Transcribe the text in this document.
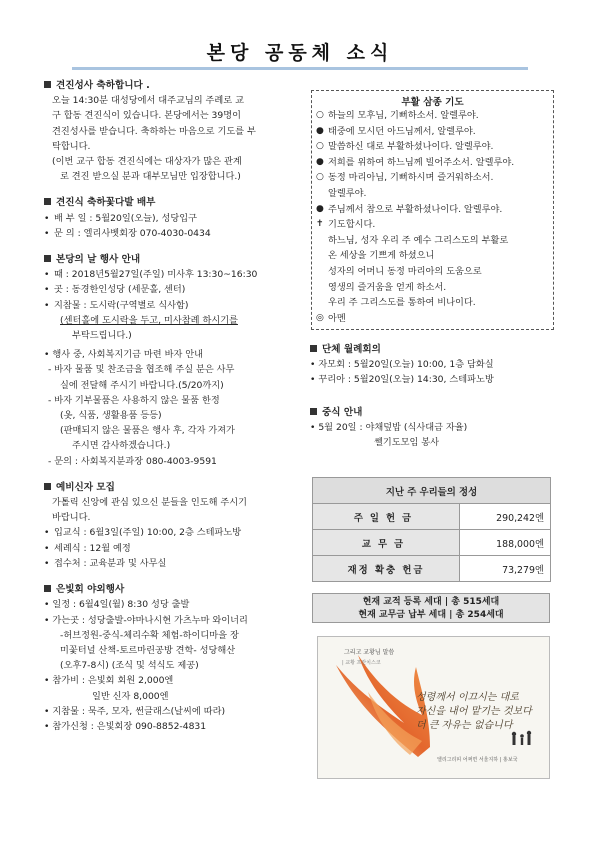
본당 공동체 소식
견진성사 축하합니다 .
오늘 14:30분 대성당에서 대주교님의 주례로 교
구 합동 견진식이 있습니다. 본당에서는 39명이
견진성사를 받습니다. 축하하는 마음으로 기도를 부
탁합니다.
(이번 교구 합동 견진식에는 대상자가 많은 관계
로 견진 받으실 분과 대부모님만 입장합니다.)
견진식 축하꽃다발 배부
• 배 부 일 : 5월20일(오늘), 성당입구
• 문 의 : 엘리사벳회장 070-4030-0434
본당의 날 행사 안내
• 때 : 2018년5월27일(주일) 미사후 13:30~16:30
• 곳 : 동경한인성당 (세문홀, 센터)
• 지참물 : 도시락(구역별로 식사함)
(센터홀에 도시락을 두고, 미사참례 하시기를
부탁드립니다.)
• 행사 중, 사회복지기금 마련 바자 안내
- 바자 물품 및 찬조금을 협조해 주실 분은 사무
실에 전달해 주시기 바랍니다.(5/20까지)
- 바자 기부물품은 사용하지 않은 물품 한정
(옷, 식품, 생활용품 등등)
(판매되지 않은 물품은 행사 후, 각자 가져가
주시면 감사하겠습니다.)
- 문의 : 사회복지분과장 080-4003-9591
예비신자 모집
가톨릭 신앙에 관심 있으신 분들을 인도해 주시기
바랍니다.
• 입교식 : 6월3일(주일) 10:00, 2층 스테파노방
• 세례식 : 12월 예정
• 접수처 : 교육분과 및 사무실
은빛회 야외행사
• 일정 : 6월4일(월) 8:30 성당 출발
• 가는곳 : 성당출발-야마나시현 가츠누마 와이너리
-허브정원-중식-체리수확 체험-하이디마을 장
미꽃터널 산책-토르마린공방 견학- 성당해산
(오후7-8시) (조식 및 석식도 제공)
• 참가비 : 은빛회 회원 2,000엔
일반 신자 8,000엔
• 지참물 : 묵주, 모자, 썬글래스(날씨에 따라)
• 참가신청 : 은빛회장 090-8852-4831
부활 삼종 기도
○ 하늘의 모후님, 기뻐하소서. 알렐루야.
● 태중에 모시던 아드님께서, 알렐루야.
○ 말씀하신 대로 부활하셨나이다. 알렐루야.
● 저희를 위하여 하느님께 빌어주소서. 알렐루야.
○ 동정 마리아님, 기뻐하시며 즐거워하소서.
알렐루야.
● 주님께서 참으로 부활하셨나이다. 알렐루야.
✝ 기도합시다.
하느님, 성자 우리 주 예수 그리스도의 부활로
온 세상을 기쁘게 하셨으니
성자의 어머니 동정 마리아의 도움으로
영생의 즐거움을 얻게 하소서.
우리 주 그리스도를 통하여 비나이다.
◎ 아멘
단체 월례회의
• 자모회 : 5월20일(오늘) 10:00, 1층 담화실
• 꾸리아 : 5월20일(오늘) 14:30, 스테파노방
중식 안내
• 5월 20일 : 야채덮밥 (식사대금 자율)
쎌기도모임 봉사
지난 주 우리들의 정성	
주일헌금	290,242엔
교무금	188,000엔
재정 확충 헌금	73,279엔
현재 교적 등록 세대 | 총 515세대
현재 교무금 납부 세대 | 총 254세대
그리고 교황님 말씀
| 교황 프란치스코
성령께서 이끄시는 대로
자신을 내어 맡기는 것보다
더 큰 자유는 없습니다
엘리그리띠 어쩌면 서울지하 | 홍보국
